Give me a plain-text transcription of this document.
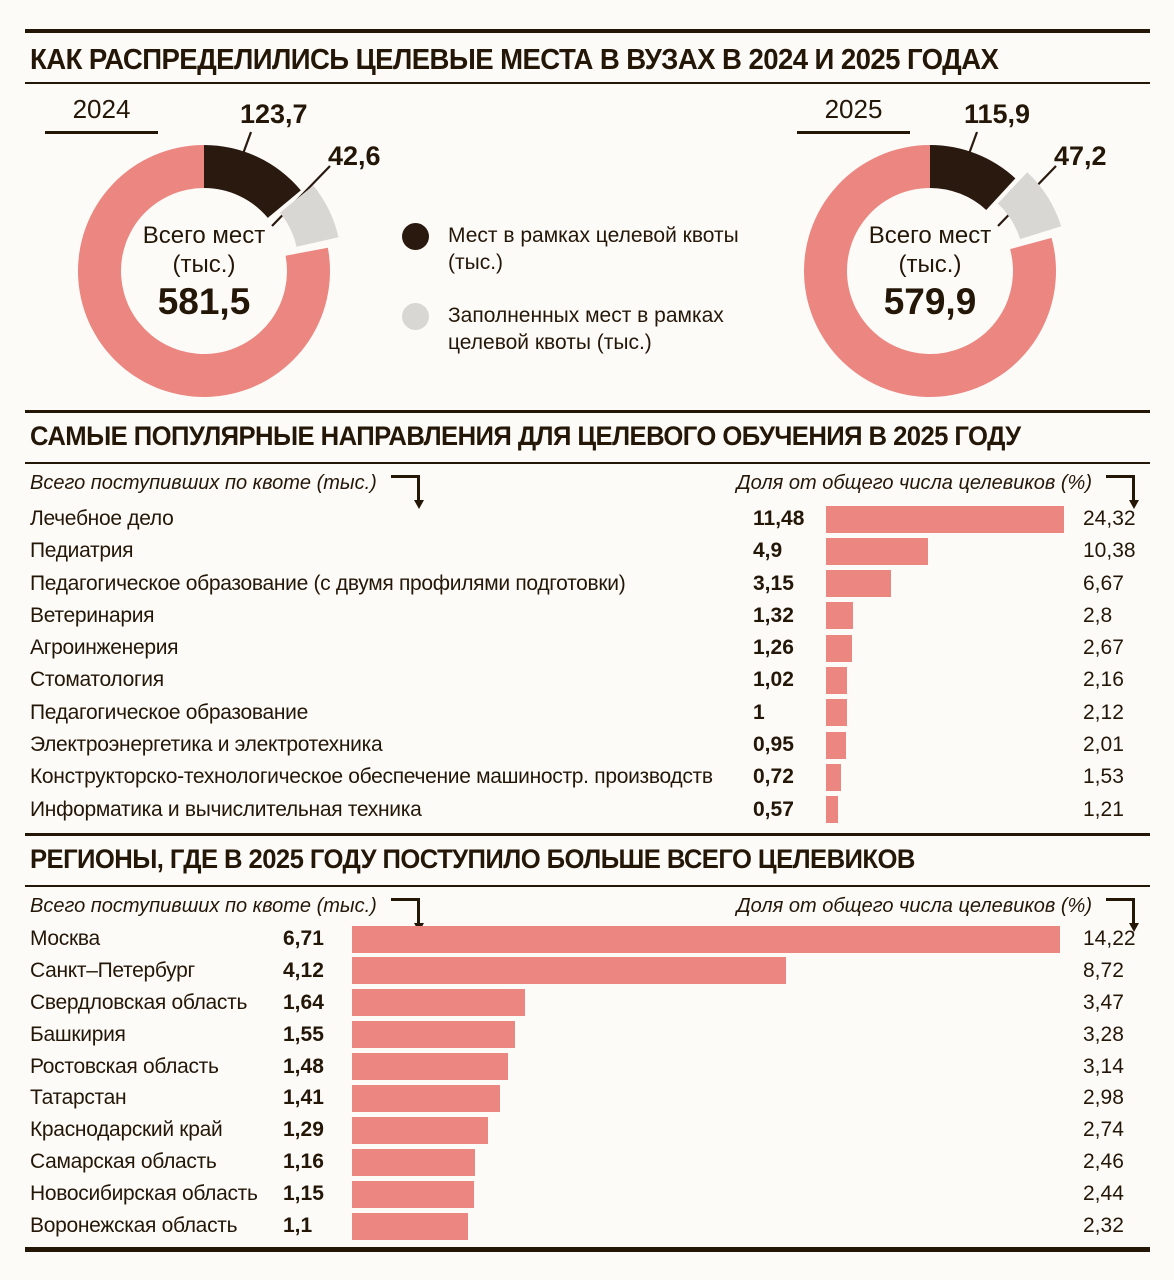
КАК РАСПРЕДЕЛИЛИСЬ ЦЕЛЕВЫЕ МЕСТА В ВУЗАХ В 2024 И 2025 ГОДАХ
2024	123,7
42,6
Всего мест
(тыс.)
581,5
Мест в рамках целевой квоты (тыс.)
Заполненных мест в рамках целевой квоты (тыс.)
2025	115,9
47,2
Всего мест
(тыс.)
579,9
САМЫЕ ПОПУЛЯРНЫЕ НАПРАВЛЕНИЯ ДЛЯ ЦЕЛЕВОГО ОБУЧЕНИЯ В 2025 ГОДУ
Всего поступивших по квоте (тыс.)	Доля от общего числа целевиков (%)
Лечебное дело	11,48	24,32
Педиатрия	4,9	10,38
Педагогическое образование (с двумя профилями подготовки)	3,15	6,67
Ветеринария	1,32	2,8
Агроинженерия	1,26	2,67
Стоматология	1,02	2,16
Педагогическое образование	1	2,12
Электроэнергетика и электротехника	0,95	2,01
Конструкторско-технологическое обеспечение машиностр. производств 0,72	1,53
Информатика и вычислительная техника	0,57	1,21
РЕГИОНЫ, ГДЕ В 2025 ГОДУ ПОСТУПИЛО БОЛЬШЕ ВСЕГО ЦЕЛЕВИКОВ
Всего поступивших по квоте (тыс.)	Доля от общего числа целевиков (%)
Москва	6,71	14,22
Санкт–Петербург	4,12	8,72
Свердловская область 1,64	3,47
Башкирия	1,55	3,28
Ростовская область	1,48	3,14
Татарстан	1,41	2,98
Краснодарский край	1,29	2,74
Самарская область	1,16	2,46
Новосибирская область 1,15	2,44
Воронежская область 1,1	2,32
